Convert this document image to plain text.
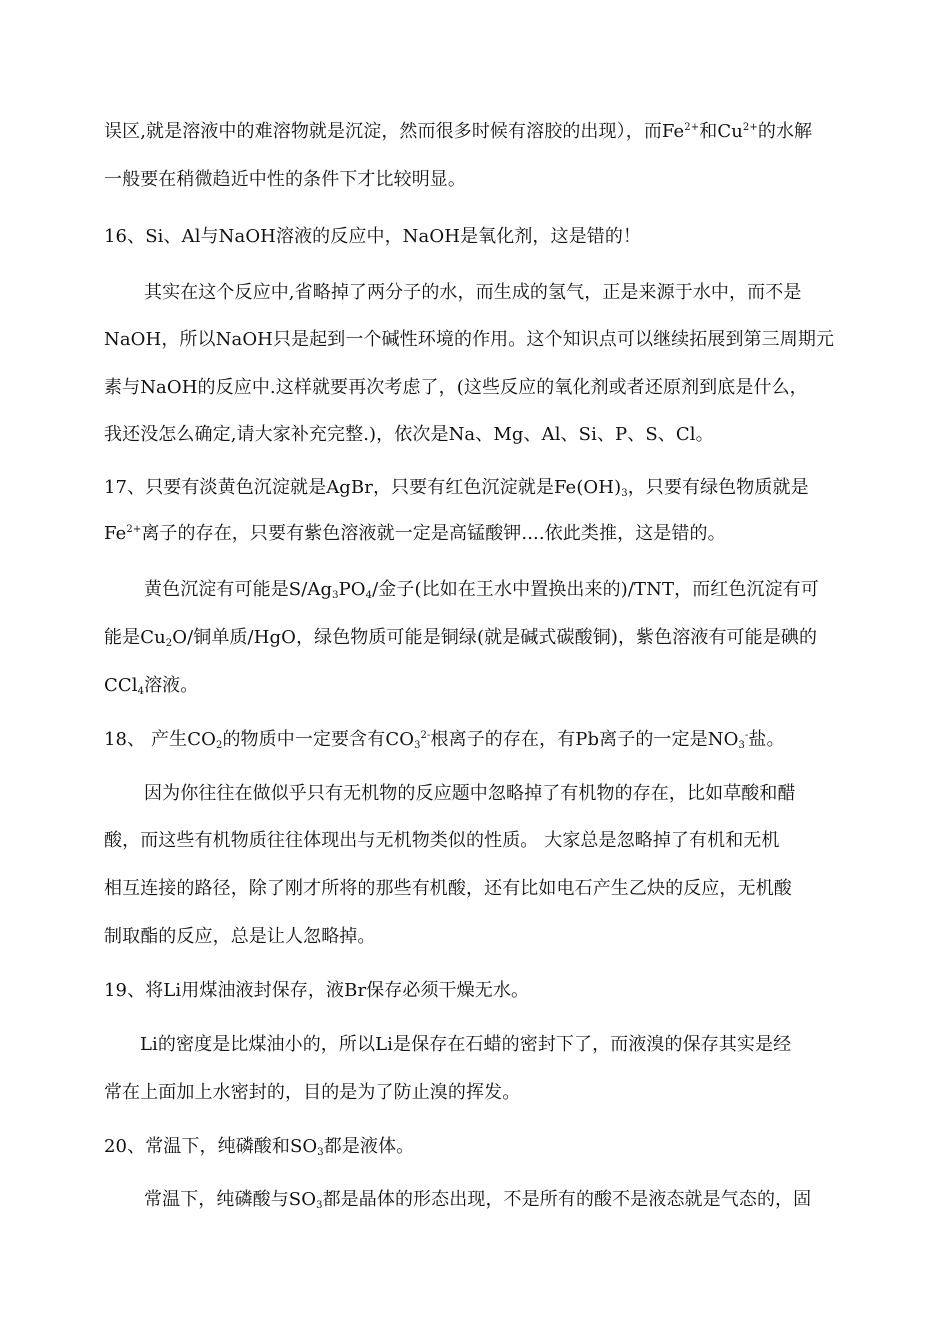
误区,就是溶液中的难溶物就是沉淀，然而很多时候有溶胶的出现），而$Fe^{2+}$和$Cu^{2+}$的水解
一般要在稍微趋近中性的条件下才比较明显。
16、Si、Al与NaOH溶液的反应中，NaOH是氧化剂，这是错的！
其实在这个反应中,省略掉了两分子的水，而生成的氢气，正是来源于水中，而不是
NaOH，所以NaOH只是起到一个碱性环境的作用。这个知识点可以继续拓展到第三周期元
素与NaOH的反应中.这样就要再次考虑了，(这些反应的氧化剂或者还原剂到底是什么，
我还没怎么确定,请大家补充完整.)，依次是Na、Mg、Al、Si、P、S、Cl。
17、只要有淡黄色沉淀就是AgBr，只要有红色沉淀就是$Fe(OH)_3$，只要有绿色物质就是
$Fe^{2+}$离子的存在，只要有紫色溶液就一定是高锰酸钾....依此类推，这是错的。
黄色沉淀有可能是$S/Ag_3PO_4/$金子(比如在王水中置换出来的)/TNT，而红色沉淀有可
能是$Cu_2O/$铜单质/HgO，绿色物质可能是铜绿(就是碱式碳酸铜)，紫色溶液有可能是碘的
CCl$_4$溶液。
18、 产生$CO_2$的物质中一定要含有$CO_3^{2-}$根离子的存在，有Pb离子的一定是$NO_3^-$盐。
因为你往往在做似乎只有无机物的反应题中忽略掉了有机物的存在，比如草酸和醋
酸，而这些有机物质往往体现出与无机物类似的性质。 大家总是忽略掉了有机和无机
相互连接的路径，除了刚才所将的那些有机酸，还有比如电石产生乙炔的反应，无机酸
制取酯的反应，总是让人忽略掉。
19、将Li用煤油液封保存，液Br保存必须干燥无水。
Li的密度是比煤油小的，所以Li是保存在石蜡的密封下了，而液溴的保存其实是经
常在上面加上水密封的，目的是为了防止溴的挥发。
20、常温下，纯磷酸和$SO_3$都是液体。
常温下，纯磷酸与$SO_3$都是晶体的形态出现，不是所有的酸不是液态就是气态的，固
